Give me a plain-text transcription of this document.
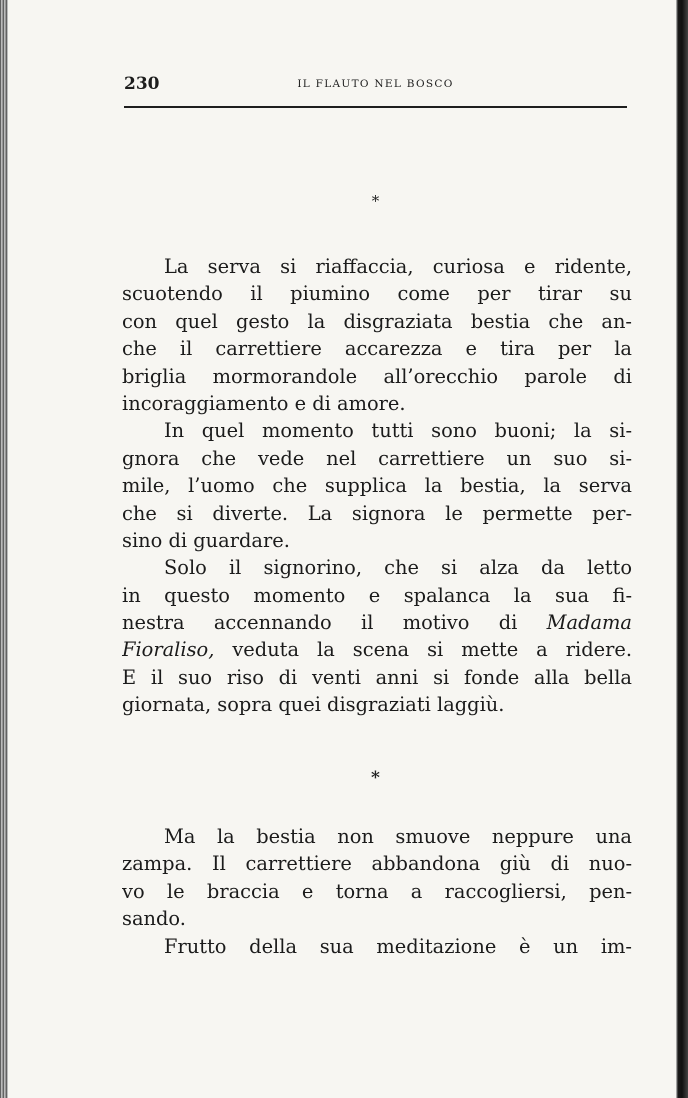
230	IL FLAUTO NEL BOSCO
*
La serva si riaffaccia, curiosa e ridente,
scuotendo il piumino come per tirar su
con quel gesto la disgraziata bestia che an-
che il carrettiere accarezza e tira per la
briglia mormorandole all’orecchio parole di
incoraggiamento e di amore.
In quel momento tutti sono buoni; la si-
gnora che vede nel carrettiere un suo si-
mile, l’uomo che supplica la bestia, la serva
che si diverte. La signora le permette per-
sino di guardare.
Solo il signorino, che si alza da letto
in questo momento e spalanca la sua fi-
nestra accennando il motivo di Madama
Fioraliso, veduta la scena si mette a ridere.
E il suo riso di venti anni si fonde alla bella
giornata, sopra quei disgraziati laggiù.
*
Ma la bestia non smuove neppure una
zampa. Il carrettiere abbandona giù di nuo-
vo le braccia e torna a raccogliersi, pen-
sando.
Frutto della sua meditazione è un im-
